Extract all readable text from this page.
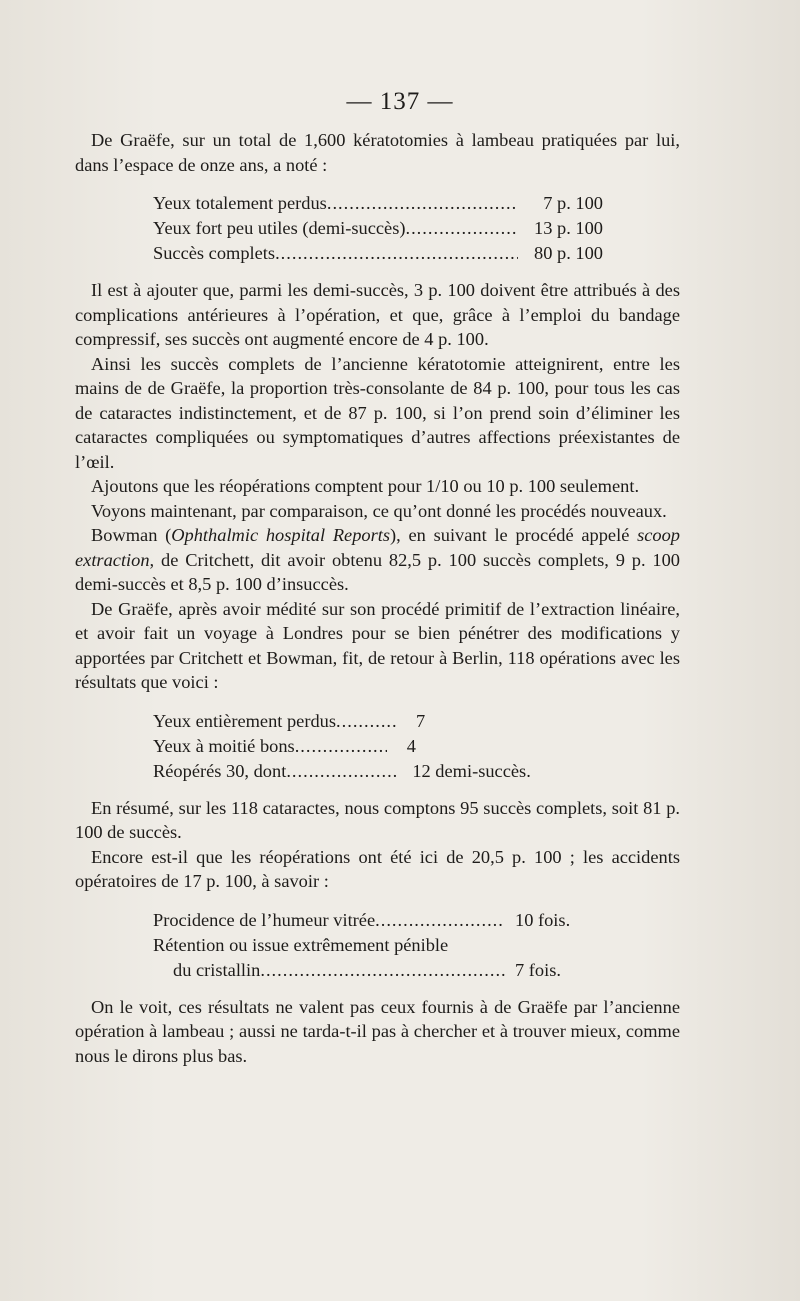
— 137 —

De Graëfe, sur un total de 1,600 kératotomies à lambeau pratiquées par lui, dans l’espace de onze ans, a noté :

Yeux totalement perdus .....	7 p. 100
Yeux fort peu utiles (demi-succès) .....	13 p. 100
Succès complets .....	80 p. 100

Il est à ajouter que, parmi les demi-succès, 3 p. 100 doivent être attribués à des complications antérieures à l’opération, et que, grâce à l’emploi du bandage compressif, ses succès ont augmenté encore de 4 p. 100.

Ainsi les succès complets de l’ancienne kératotomie atteignirent, entre les mains de de Graëfe, la proportion très-consolante de 84 p. 100, pour tous les cas de cataractes indistinctement, et de 87 p. 100, si l’on prend soin d’éliminer les cataractes compliquées ou symptomatiques d’autres affections préexistantes de l’œil.

Ajoutons que les réopérations comptent pour 1/10 ou 10 p. 100 seulement.

Voyons maintenant, par comparaison, ce qu’ont donné les procédés nouveaux.

Bowman (Ophthalmic hospital Reports), en suivant le procédé appelé scoop extraction, de Critchett, dit avoir obtenu 82,5 p. 100 succès complets, 9 p. 100 demi-succès et 8,5 p. 100 d’insuccès.

De Graëfe, après avoir médité sur son procédé primitif de l’extraction linéaire, et avoir fait un voyage à Londres pour se bien pénétrer des modifications y apportées par Critchett et Bowman, fit, de retour à Berlin, 118 opérations avec les résultats que voici :

Yeux entièrement perdus .....	7
Yeux à moitié bons .....	4
Réopérés 30, dont .....	12 demi-succès.

En résumé, sur les 118 cataractes, nous comptons 95 succès complets, soit 81 p. 100 de succès.

Encore est-il que les réopérations ont été ici de 20,5 p. 100 ; les accidents opératoires de 17 p. 100, à savoir :

Procidence de l’humeur vitrée .....	10 fois.
Rétention ou issue extrêmement pénible
du cristallin .....	7 fois.

On le voit, ces résultats ne valent pas ceux fournis à de Graëfe par l’ancienne opération à lambeau ; aussi ne tarda-t-il pas à chercher et à trouver mieux, comme nous le dirons plus bas.
